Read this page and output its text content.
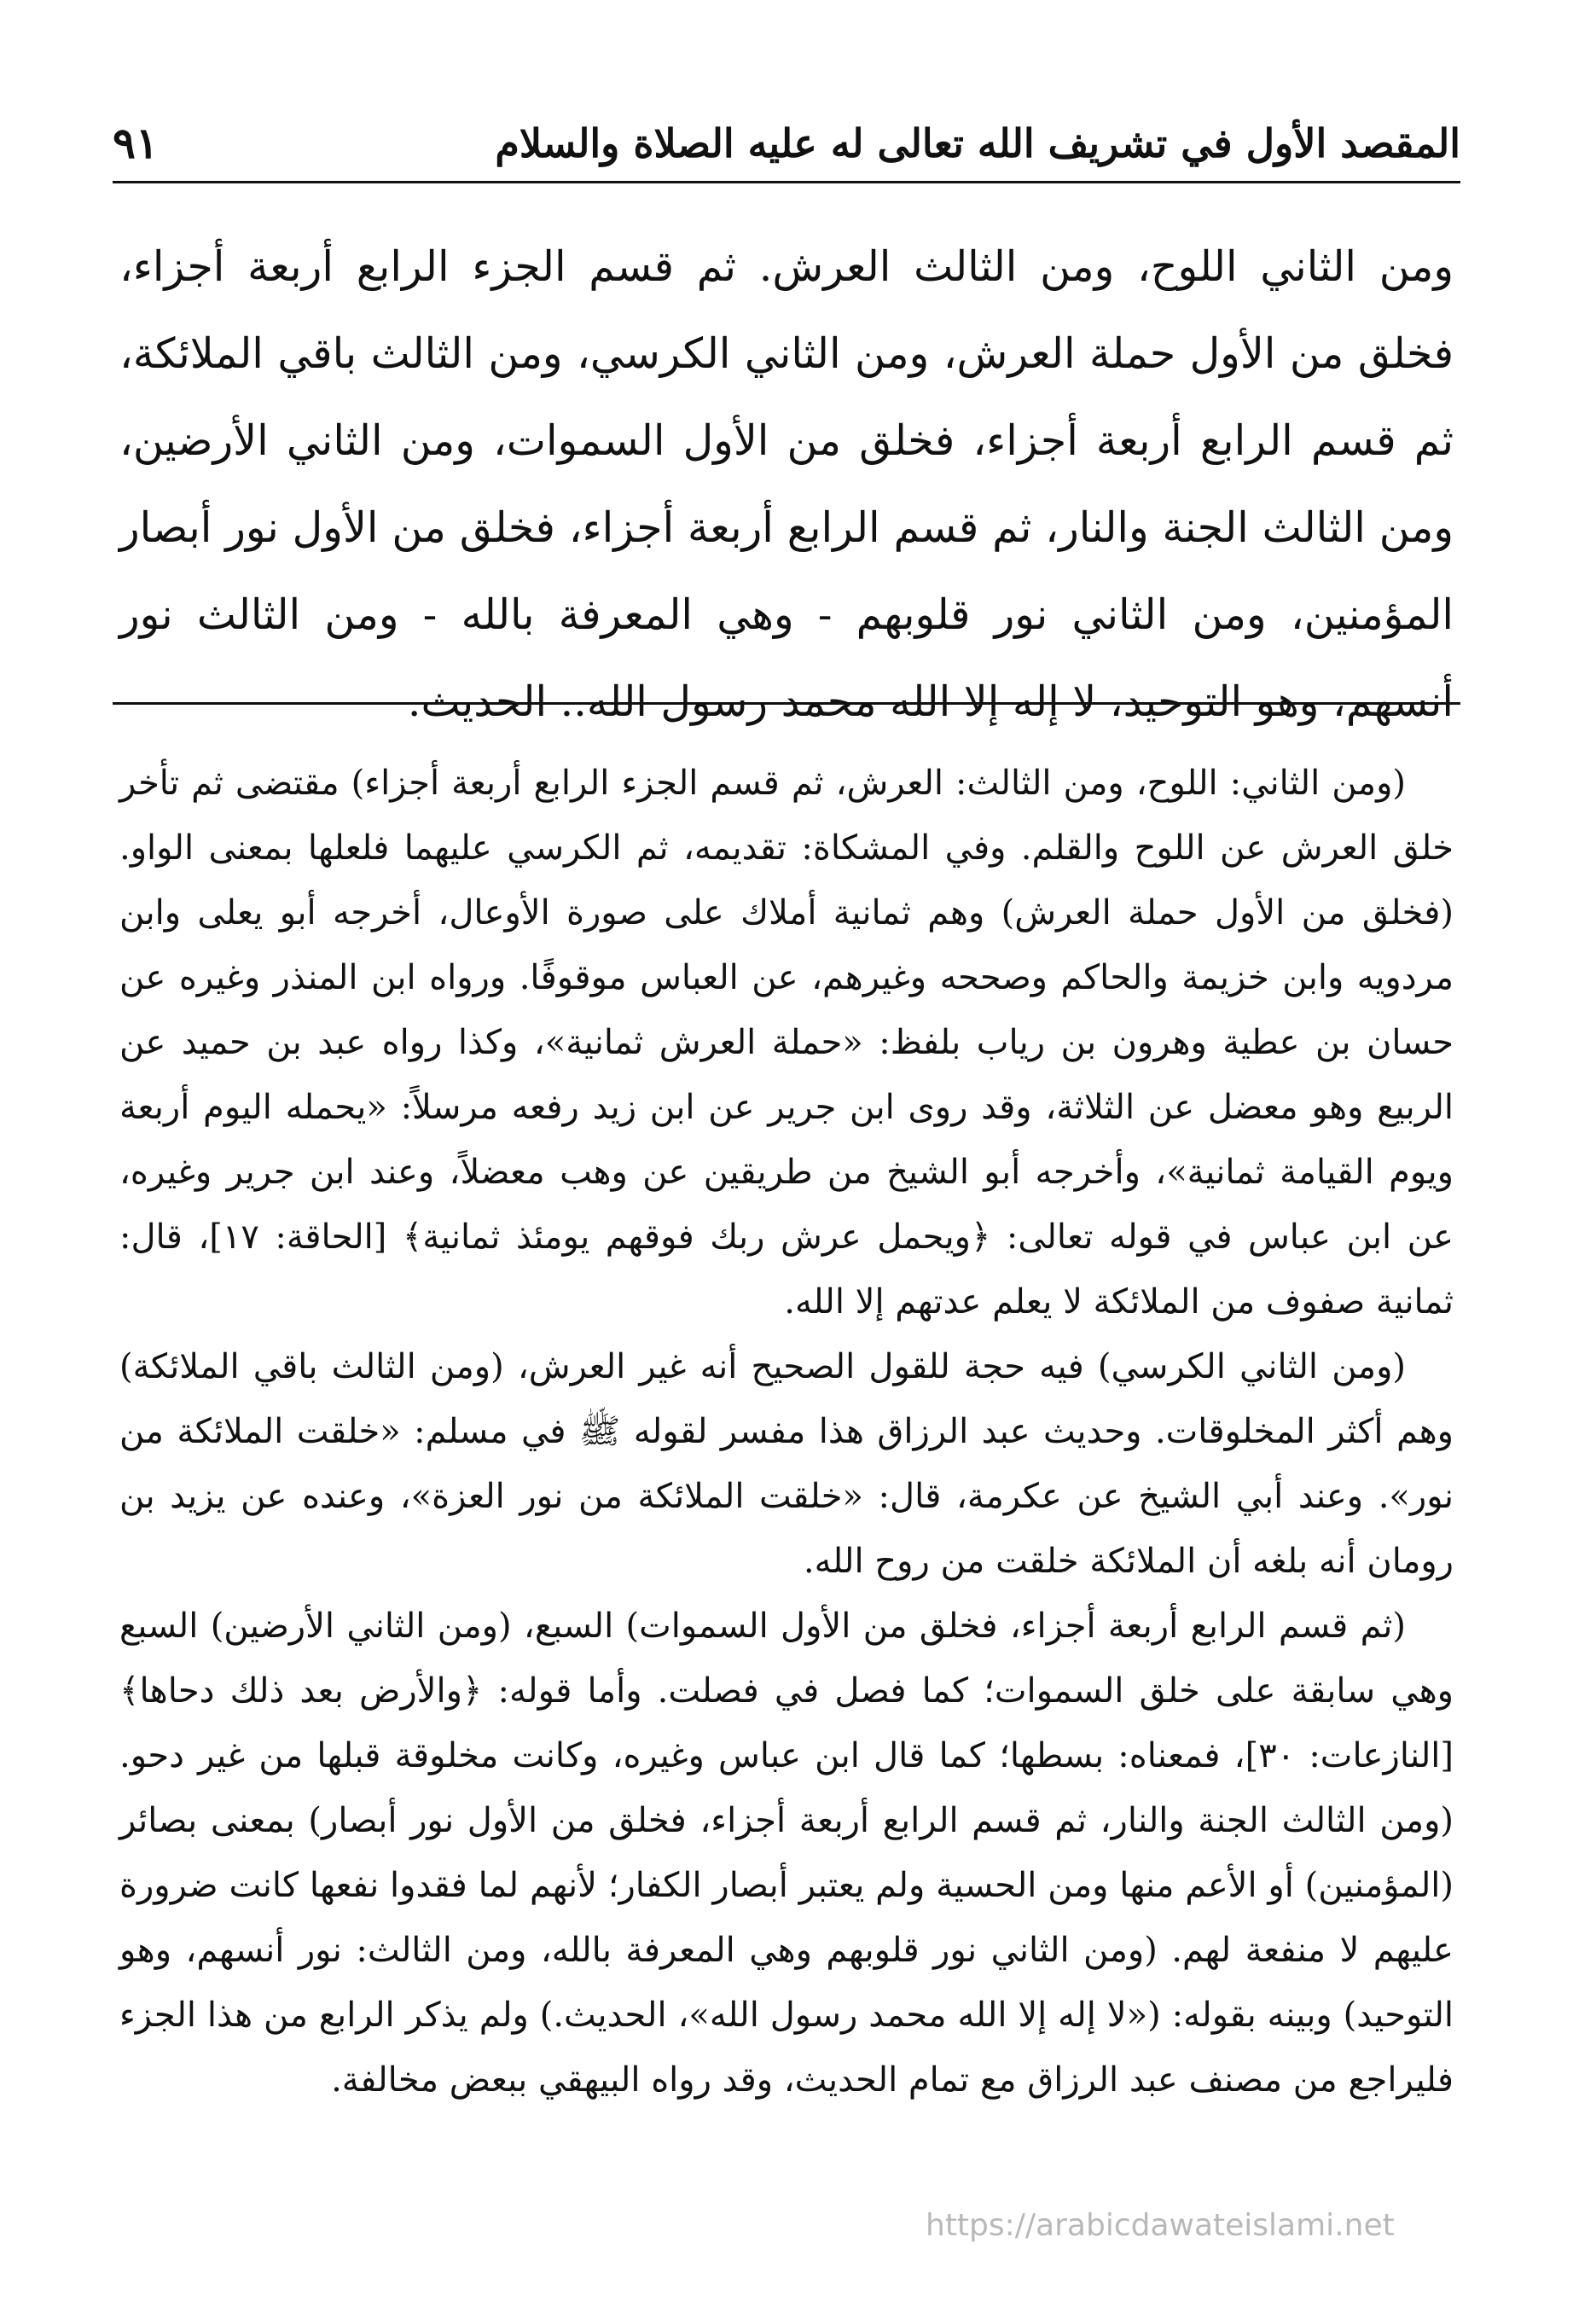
المقصد الأول في تشريف الله تعالى له عليه الصلاة والسلام
٩١

ومن الثاني اللوح، ومن الثالث العرش. ثم قسم الجزء الرابع أربعة أجزاء، فخلق من الأول حملة العرش، ومن الثاني الكرسي، ومن الثالث باقي الملائكة، ثم قسم الرابع أربعة أجزاء، فخلق من الأول السموات، ومن الثاني الأرضين، ومن الثالث الجنة والنار، ثم قسم الرابع أربعة أجزاء، فخلق من الأول نور أبصار المؤمنين، ومن الثاني نور قلوبهم - وهي المعرفة بالله - ومن الثالث نور أنسهم، وهو التوحيد، لا إله إلا الله محمد رسول الله.. الحديث.

(ومن الثاني: اللوح، ومن الثالث: العرش، ثم قسم الجزء الرابع أربعة أجزاء) مقتضى ثم تأخر خلق العرش عن اللوح والقلم. وفي المشكاة: تقديمه، ثم الكرسي عليهما فلعلها بمعنى الواو. (فخلق من الأول حملة العرش) وهم ثمانية أملاك على صورة الأوعال، أخرجه أبو يعلى وابن مردويه وابن خزيمة والحاكم وصححه وغيرهم، عن العباس موقوفًا. ورواه ابن المنذر وغيره عن حسان بن عطية وهرون بن رياب بلفظ: «حملة العرش ثمانية»، وكذا رواه عبد بن حميد عن الربيع وهو معضل عن الثلاثة، وقد روى ابن جرير عن ابن زيد رفعه مرسلاً: «يحمله اليوم أربعة ويوم القيامة ثمانية»، وأخرجه أبو الشيخ من طريقين عن وهب معضلاً، وعند ابن جرير وغيره، عن ابن عباس في قوله تعالى: ﴿ويحمل عرش ربك فوقهم يومئذ ثمانية﴾ [الحاقة: ١٧]، قال: ثمانية صفوف من الملائكة لا يعلم عدتهم إلا الله.

(ومن الثاني الكرسي) فيه حجة للقول الصحيح أنه غير العرش، (ومن الثالث باقي الملائكة) وهم أكثر المخلوقات. وحديث عبد الرزاق هذا مفسر لقوله ﷺ في مسلم: «خلقت الملائكة من نور». وعند أبي الشيخ عن عكرمة، قال: «خلقت الملائكة من نور العزة»، وعنده عن يزيد بن رومان أنه بلغه أن الملائكة خلقت من روح الله.

(ثم قسم الرابع أربعة أجزاء، فخلق من الأول السموات) السبع، (ومن الثاني الأرضين) السبع وهي سابقة على خلق السموات؛ كما فصل في فصلت. وأما قوله: ﴿والأرض بعد ذلك دحاها﴾ [النازعات: ٣٠]، فمعناه: بسطها؛ كما قال ابن عباس وغيره، وكانت مخلوقة قبلها من غير دحو. (ومن الثالث الجنة والنار، ثم قسم الرابع أربعة أجزاء، فخلق من الأول نور أبصار) بمعنى بصائر (المؤمنين) أو الأعم منها ومن الحسية ولم يعتبر أبصار الكفار؛ لأنهم لما فقدوا نفعها كانت ضرورة عليهم لا منفعة لهم. (ومن الثاني نور قلوبهم وهي المعرفة بالله، ومن الثالث: نور أنسهم، وهو التوحيد) وبينه بقوله: («لا إله إلا الله محمد رسول الله»، الحديث.) ولم يذكر الرابع من هذا الجزء فليراجع من مصنف عبد الرزاق مع تمام الحديث، وقد رواه البيهقي ببعض مخالفة.

https://arabicdawateislami.net
